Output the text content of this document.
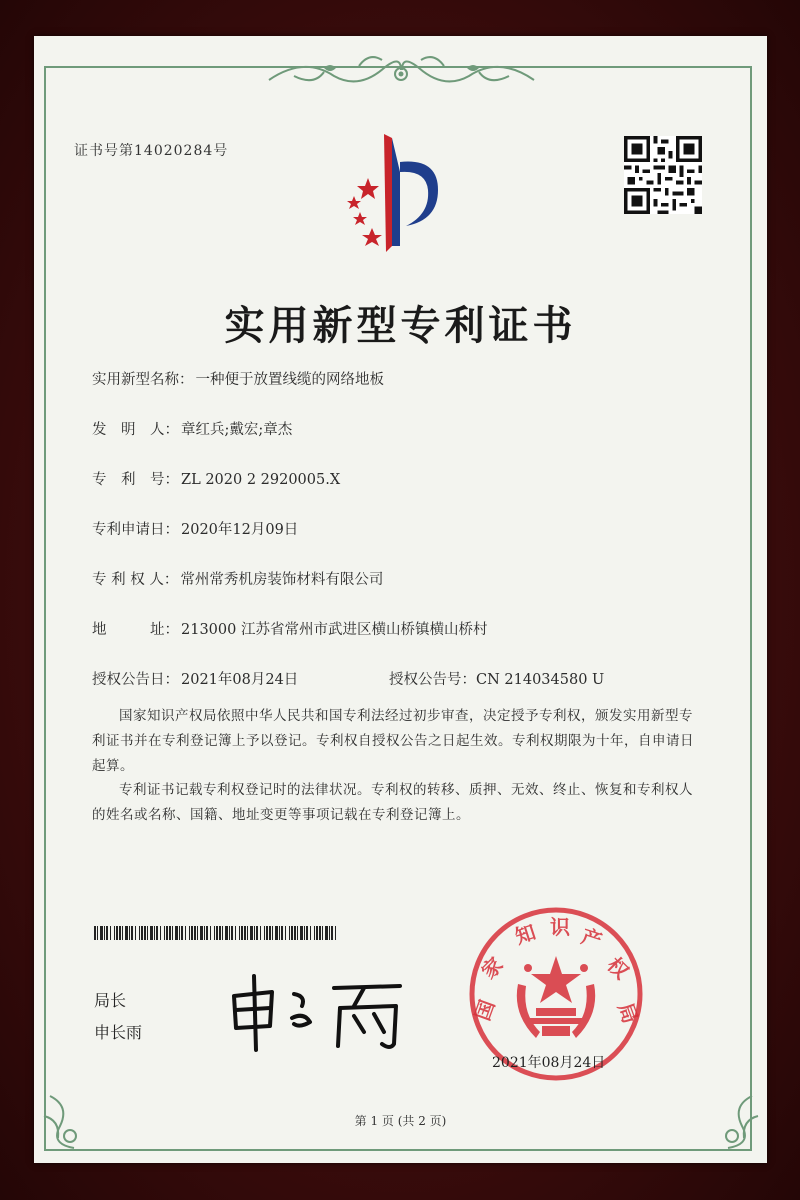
证书号第14020284号
实用新型专利证书
实用新型名称： 一种便于放置线缆的网络地板
发　明　人： 章红兵;戴宏;章杰
专　利　号： ZL 2020 2 2920005.X
专利申请日： 2020年12月09日
专 利 权 人： 常州常秀机房装饰材料有限公司
地　　　址： 213000 江苏省常州市武进区横山桥镇横山桥村
授权公告日： 2021年08月24日	授权公告号：CN 214034580 U
国家知识产权局依照中华人民共和国专利法经过初步审查，决定授予专利权，颁发实用新型专利证书并在专利登记簿上予以登记。专利权自授权公告之日起生效。专利权期限为十年，自申请日起算。
专利证书记载专利权登记时的法律状况。专利权的转移、质押、无效、终止、恢复和专利权人的姓名或名称、国籍、地址变更等事项记载在专利登记簿上。
局长
申长雨
国
家
知 识 产
权
局
2021年08月24日
第 1 页 (共 2 页)
